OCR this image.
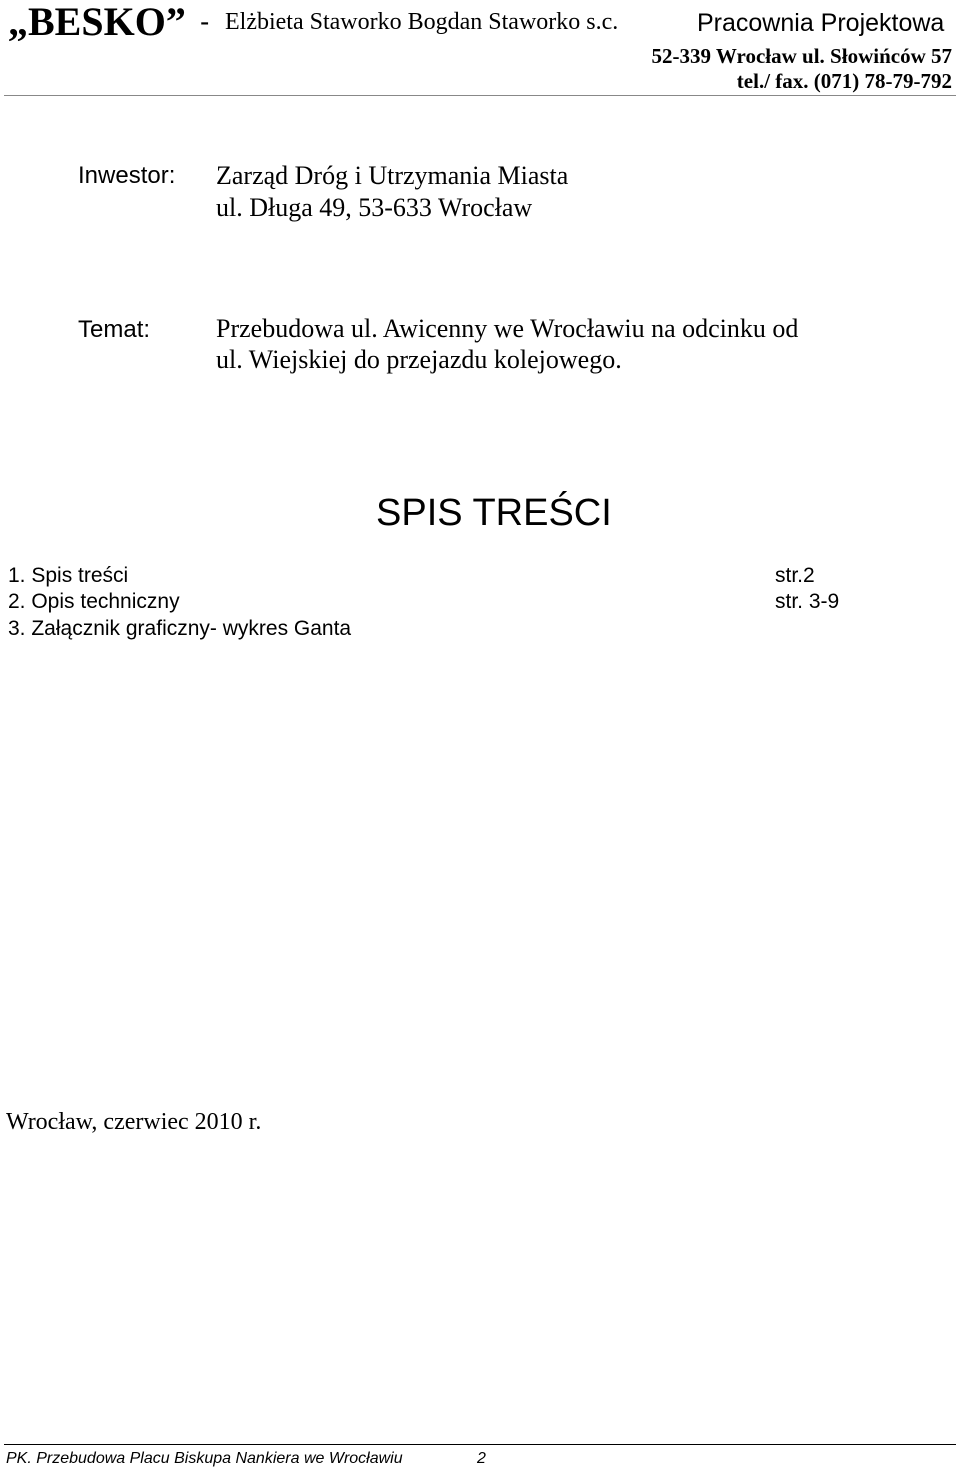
„BESKO” - Elżbieta Staworko Bogdan Staworko s.c.	Pracownia Projektowa
52-339 Wrocław ul. Słowińców 57
tel./ fax. (071) 78-79-792
Inwestor: Zarząd Dróg i Utrzymania Miasta
ul. Długa 49, 53-633 Wrocław
Temat:	Przebudowa ul. Awicenny we Wrocławiu na odcinku od
ul. Wiejskiej do przejazdu kolejowego.
SPIS TREŚCI
1. Spis treści	str.2
2. Opis techniczny	str. 3-9
3. Załącznik graficzny- wykres Ganta
Wrocław, czerwiec 2010 r.
PK. Przebudowa Placu Biskupa Nankiera we Wrocławiu	2
